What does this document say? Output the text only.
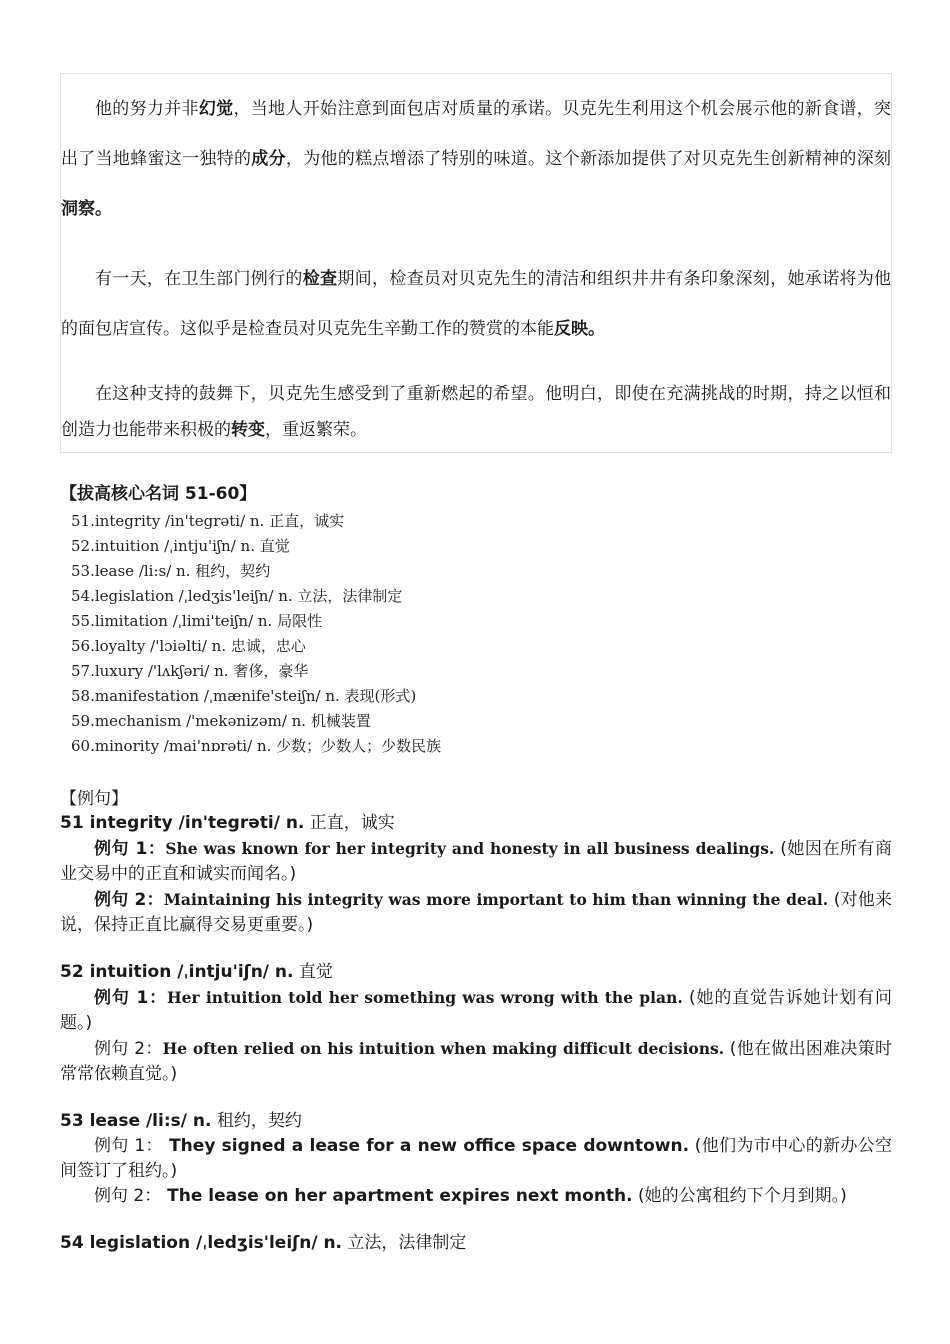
他的努力并非幻觉，当地人开始注意到面包店对质量的承诺。贝克先生利用这个机会展示他的新食谱，突出了当地蜂蜜这一独特的成分，为他的糕点增添了特别的味道。这个新添加提供了对贝克先生创新精神的深刻洞察。

有一天，在卫生部门例行的检查期间，检查员对贝克先生的清洁和组织井井有条印象深刻，她承诺将为他的面包店宣传。这似乎是检查员对贝克先生辛勤工作的赞赏的本能反映。

在这种支持的鼓舞下，贝克先生感受到了重新燃起的希望。他明白，即使在充满挑战的时期，持之以恒和创造力也能带来积极的转变，重返繁荣。

【拔高核心名词 51-60】
51.integrity /in'tegrəti/ n. 正直，诚实
52.intuition /ˌintju'iʃn/ n. 直觉
53.lease /li:s/ n. 租约，契约
54.legislation /ˌledʒis'leiʃn/ n. 立法，法律制定
55.limitation /ˌlimi'teiʃn/ n. 局限性
56.loyalty /'lɔiəlti/ n. 忠诚，忠心
57.luxury /'lʌkʃəri/ n. 奢侈，豪华
58.manifestation /ˌmænife'steiʃn/ n. 表现(形式)
59.mechanism /'mekənizəm/ n. 机械装置
60.minority /mai'nɒrəti/ n. 少数；少数人；少数民族
【例句】
51 integrity /in'tegrəti/ n. 正直，诚实
例句 1：She was known for her integrity and honesty in all business dealings. (她因在所有商业交易中的正直和诚实而闻名。)
例句 2：Maintaining his integrity was more important to him than winning the deal. (对他来说，保持正直比赢得交易更重要。)
52 intuition /ˌintju'iʃn/ n. 直觉
例句 1：Her intuition told her something was wrong with the plan. (她的直觉告诉她计划有问题。)
例句 2：He often relied on his intuition when making difficult decisions. (他在做出困难决策时常常依赖直觉。)
53 lease /li:s/ n. 租约，契约
例句 1： They signed a lease for a new office space downtown. (他们为市中心的新办公空间签订了租约。)
例句 2： The lease on her apartment expires next month. (她的公寓租约下个月到期。)
54 legislation /ˌledʒis'leiʃn/ n. 立法，法律制定
